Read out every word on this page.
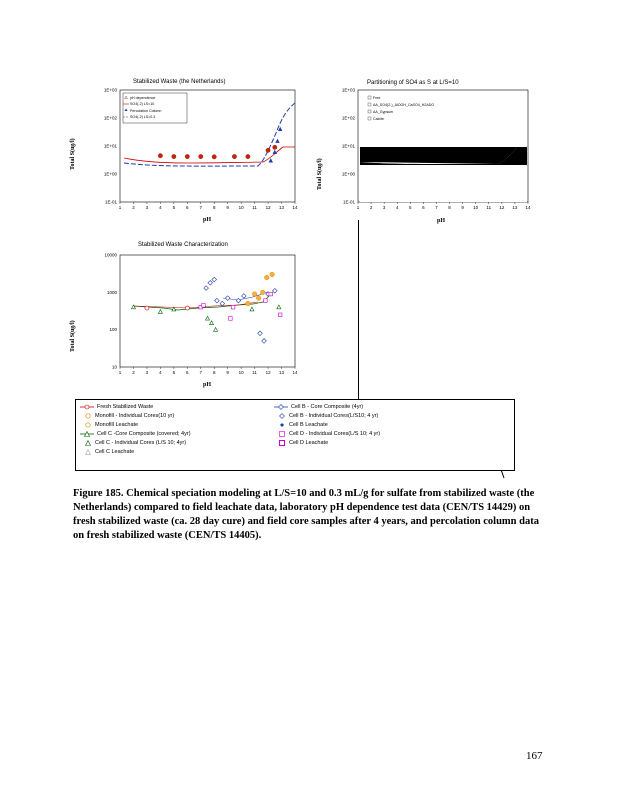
Stabilized Waste (the Netherlands)
1E-01
1E+00
1E+01
1E+02
1E+03
1 2 3 4 5 6 7 8 9 10 11 12 13 14
pH dependence
SO4(-2) LS=10
Percolation Column
SO4(-2) LS=0.3
Total S(ug/l)
pH
Partitioning of SO4 as S at L/S=10
1E-01
1E+00
1E+01
1E+02
1E+03
1 2 3 4 5 6 7 8 9 10 11 12 13 14
Free
AA_SO4(2-)_AlOOH_CaSO4_H2ADO
AA_Gypsum
Calcite
Total S(ug/l)
pH
Stabilized Waste Characterization
10
100
1000
10000
1 2 3 4 5 6 7 8 9 10 11 12 13 14
Total S(ug/l)
pH
Fresh Stabilized Waste	Cell B - Core Composite (4yr)
Monofill - Individual Cores(10 yr)	Cell B - Individual Cores(L/S10; 4 yr)
Monofill Leachate	Cell B Leachate
Cell C -Core Composite (covered; 4yr)	Cell D - Individual Cores(L/S 10; 4 yr)
Cell C - Individual Cores (L/S 10; 4yr)	Cell D Leachate
Cell C Leachate
Figure 185. Chemical speciation modeling at L/S=10 and 0.3 mL/g for sulfate from stabilized waste (the Netherlands) compared to field leachate data, laboratory pH dependence test data (CEN/TS 14429) on fresh stabilized waste (ca. 28 day cure) and field core samples after 4 years, and percolation column data on fresh stabilized waste (CEN/TS 14405).
167
